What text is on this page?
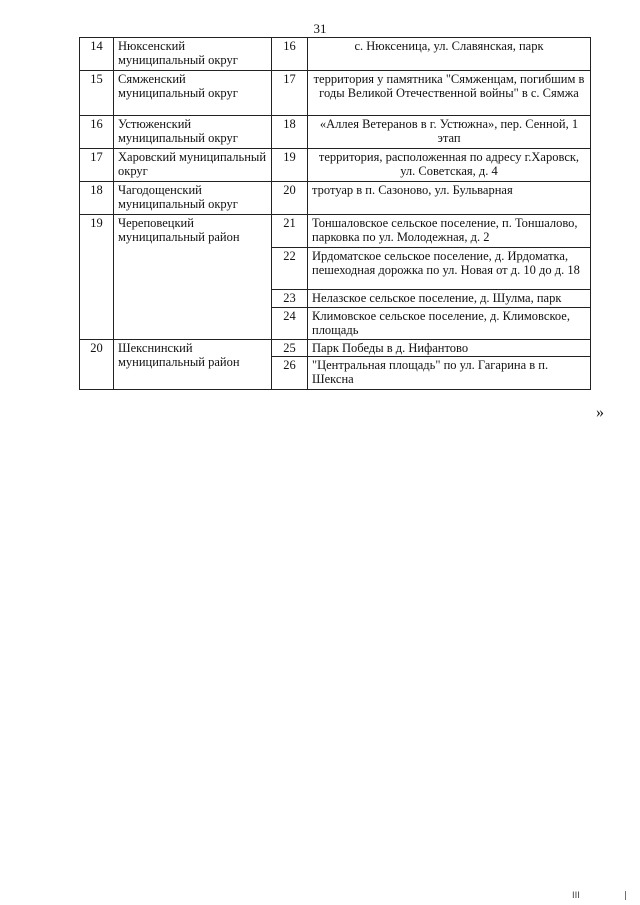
31
14	Нюксенский муниципальный округ	16	с. Нюксеница, ул. Славянская, парк
15	Сямженский муниципальный округ	17	территория у памятника "Сямженцам, погибшим в годы Великой Отечественной войны" в с. Сямжа
16	Устюженский муниципальный округ	18	«Аллея Ветеранов в г. Устюжна», пер. Сенной, 1 этап
17	Харовский муниципальный округ	19	территория, расположенная по адресу г.Харовск, ул. Советская, д. 4
18	Чагодощенский муниципальный округ	20	тротуар в п. Сазоново, ул. Бульварная
19	Череповецкий муниципальный район	21	Тоншаловское сельское поселение, п. Тоншалово, парковка по ул. Молодежная, д. 2
		22	Ирдоматское сельское поселение, д. Ирдоматка, пешеходная дорожка по ул. Новая от д. 10 до д. 18
		23	Нелазское сельское поселение, д. Шулма, парк
		24	Климовское сельское поселение, д. Климовское, площадь
20	Шекснинский муниципальный район	25	Парк Победы в д. Нифантово
		26	"Центральная площадь" по ул. Гагарина в п. Шексна
»
III	|
